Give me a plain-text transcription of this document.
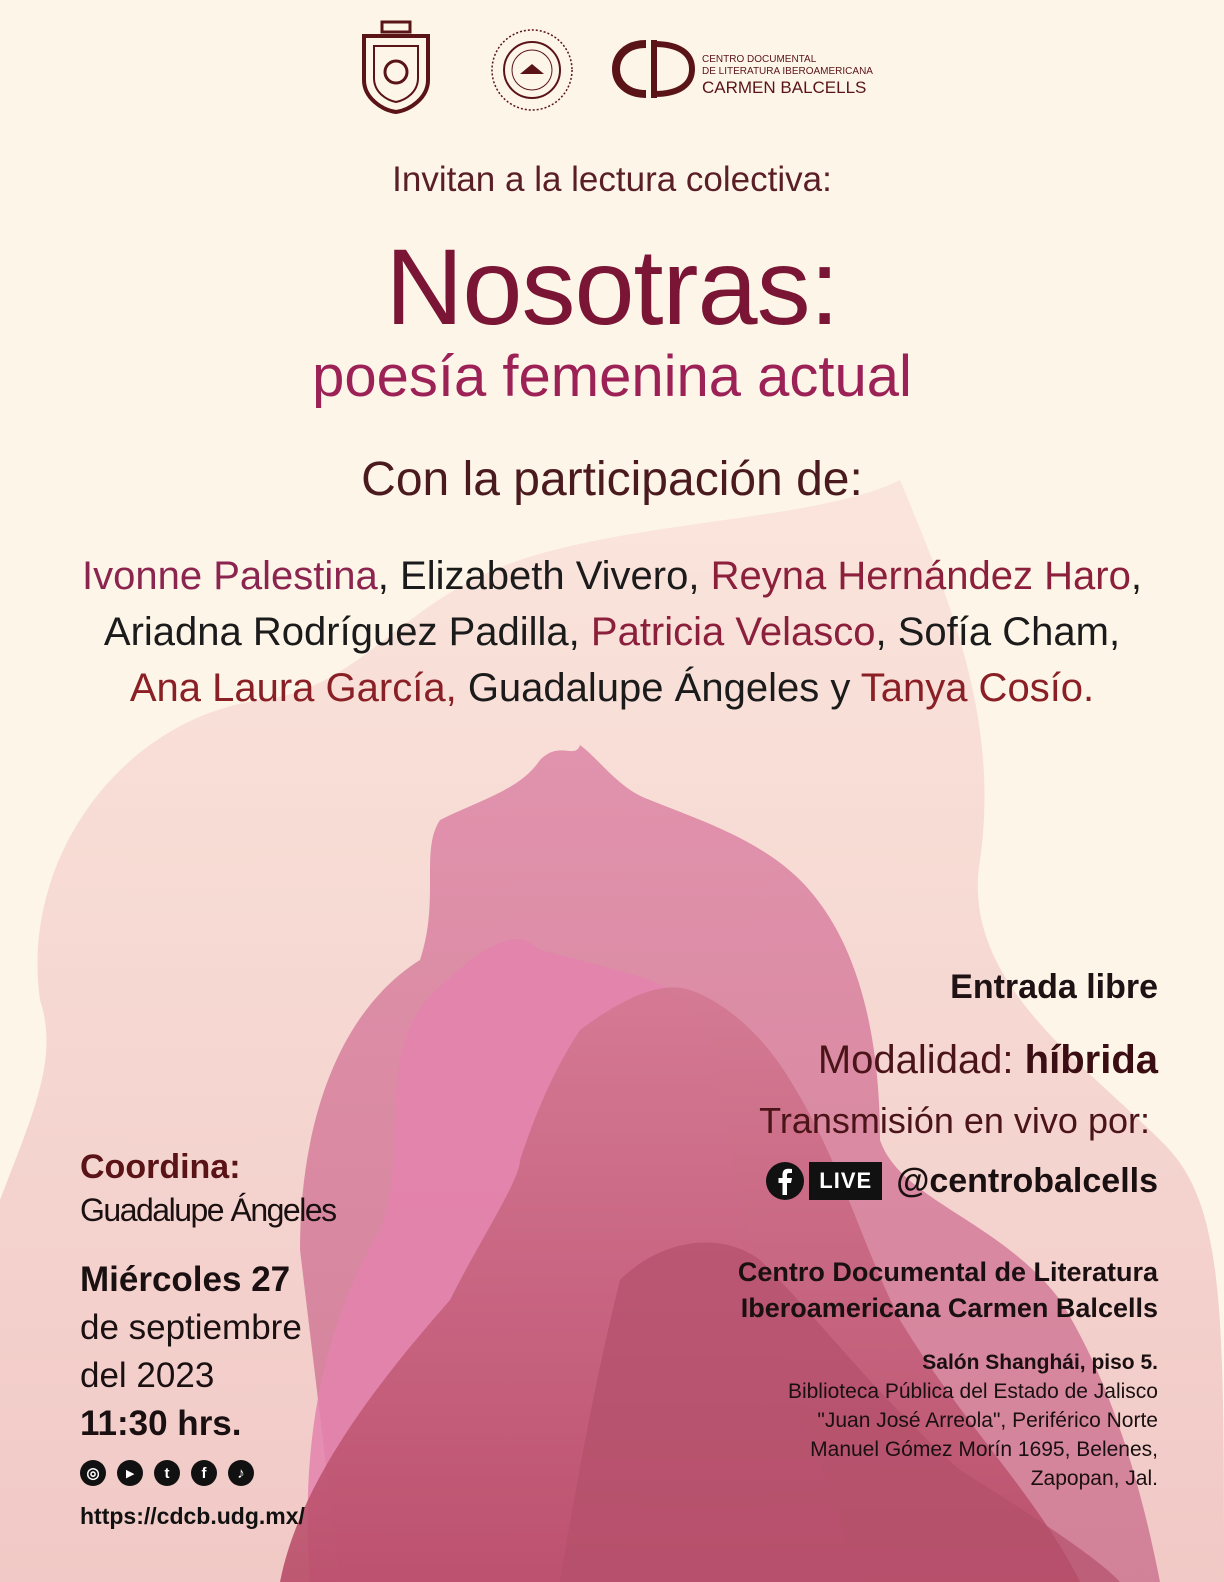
CENTRO DOCUMENTAL
DE LITERATURA IBEROAMERICANA
CARMEN BALCELLS
Invitan a la lectura colectiva:
Nosotras:
poesía femenina actual
Con la participación de:
Ivonne Palestina, Elizabeth Vivero, Reyna Hernández Haro,
Ariadna Rodríguez Padilla, Patricia Velasco, Sofía Cham,
Ana Laura García, Guadalupe Ángeles y Tanya Cosío.
Entrada libre
Modalidad: híbrida
Transmisión en vivo por:
LIVE @centrobalcells
Centro Documental de Literatura
Iberoamericana Carmen Balcells
Salón Shanghái, piso 5.
Biblioteca Pública del Estado de Jalisco
"Juan José Arreola", Periférico Norte
Manuel Gómez Morín 1695, Belenes,
Zapopan, Jal.
Coordina:
Guadalupe Ángeles
Miércoles 27
de septiembre
del 2023
11:30 hrs.
◎	▸	t	f	♪
https://cdcb.udg.mx/
